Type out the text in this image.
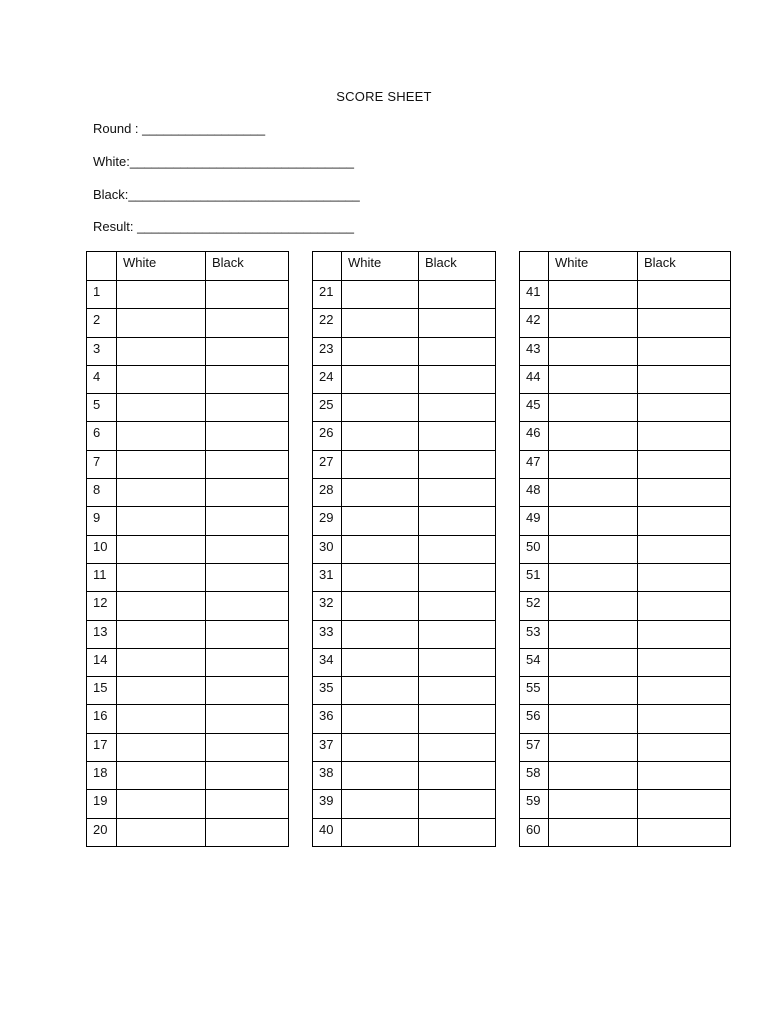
SCORE SHEET
Round : _________________
White:_______________________________
Black:________________________________
Result: ______________________________
	White	Black
1		
2		
3		
4		
5		
6		
7		
8		
9		
10		
11		
12		
13		
14		
15		
16		
17		
18		
19		
20		
	White	Black
21		
22		
23		
24		
25		
26		
27		
28		
29		
30		
31		
32		
33		
34		
35		
36		
37		
38		
39		
40		
	White	Black
41		
42		
43		
44		
45		
46		
47		
48		
49		
50		
51		
52		
53		
54		
55		
56		
57		
58		
59		
60		
